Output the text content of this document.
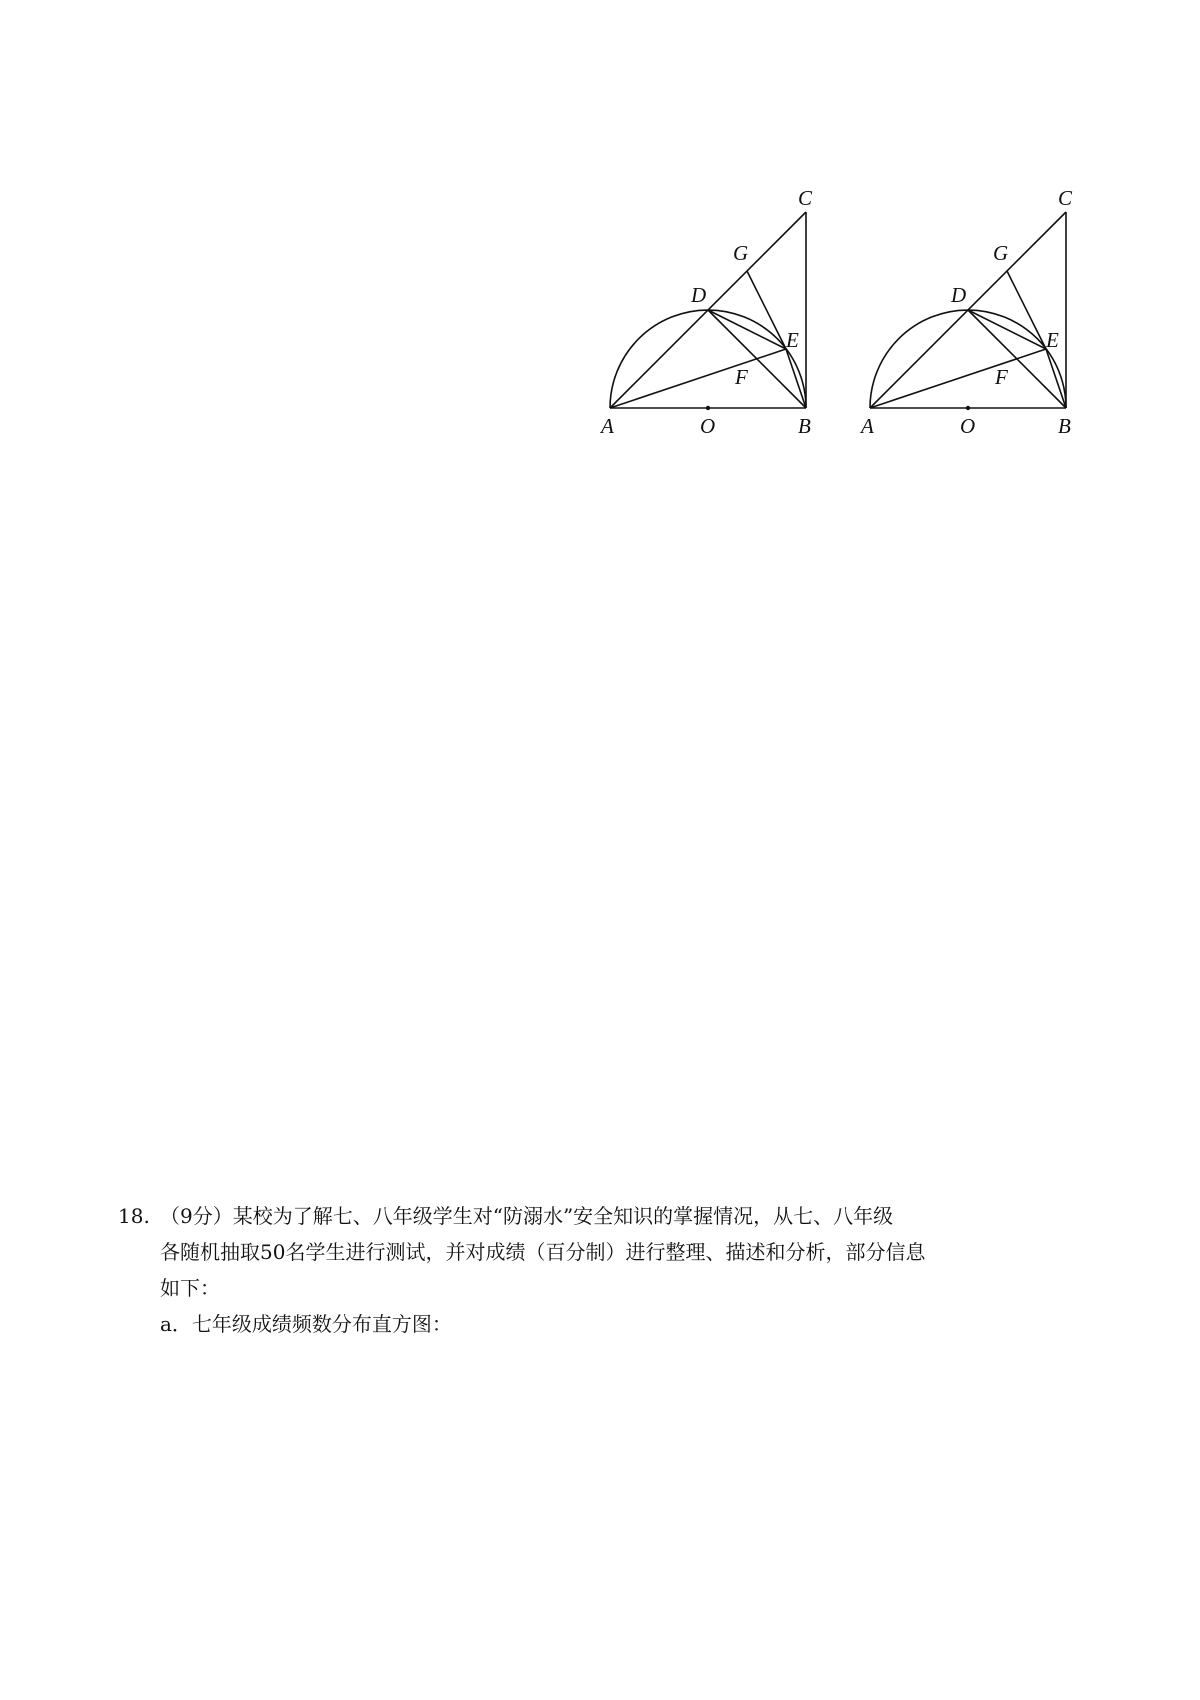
C
G
D
E
F
A	O	B
C
G
D
E
F
A	O	B
18. （9分）某校为了解七、八年级学生对“防溺水”安全知识的掌握情况，从七、八年级
各随机抽取50名学生进行测试，并对成绩（百分制）进行整理、描述和分析，部分信息
如下：
a．七年级成绩频数分布直方图：
